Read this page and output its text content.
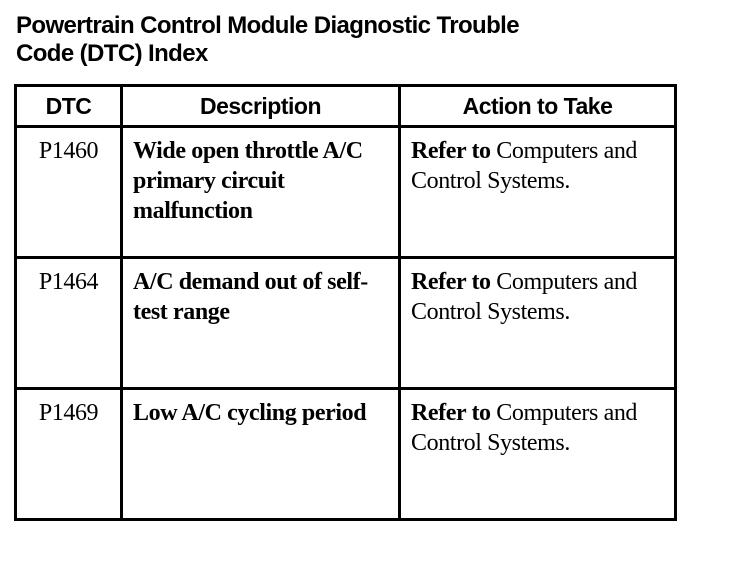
Powertrain Control Module Diagnostic Trouble
Code (DTC) Index
DTC	Description	Action to Take
P1460	Wide open throttle A/C primary circuit malfunction	Refer to Computers and Control Systems.
P1464	A/C demand out of self-test range	Refer to Computers and Control Systems.
P1469	Low A/C cycling period	Refer to Computers and Control Systems.
